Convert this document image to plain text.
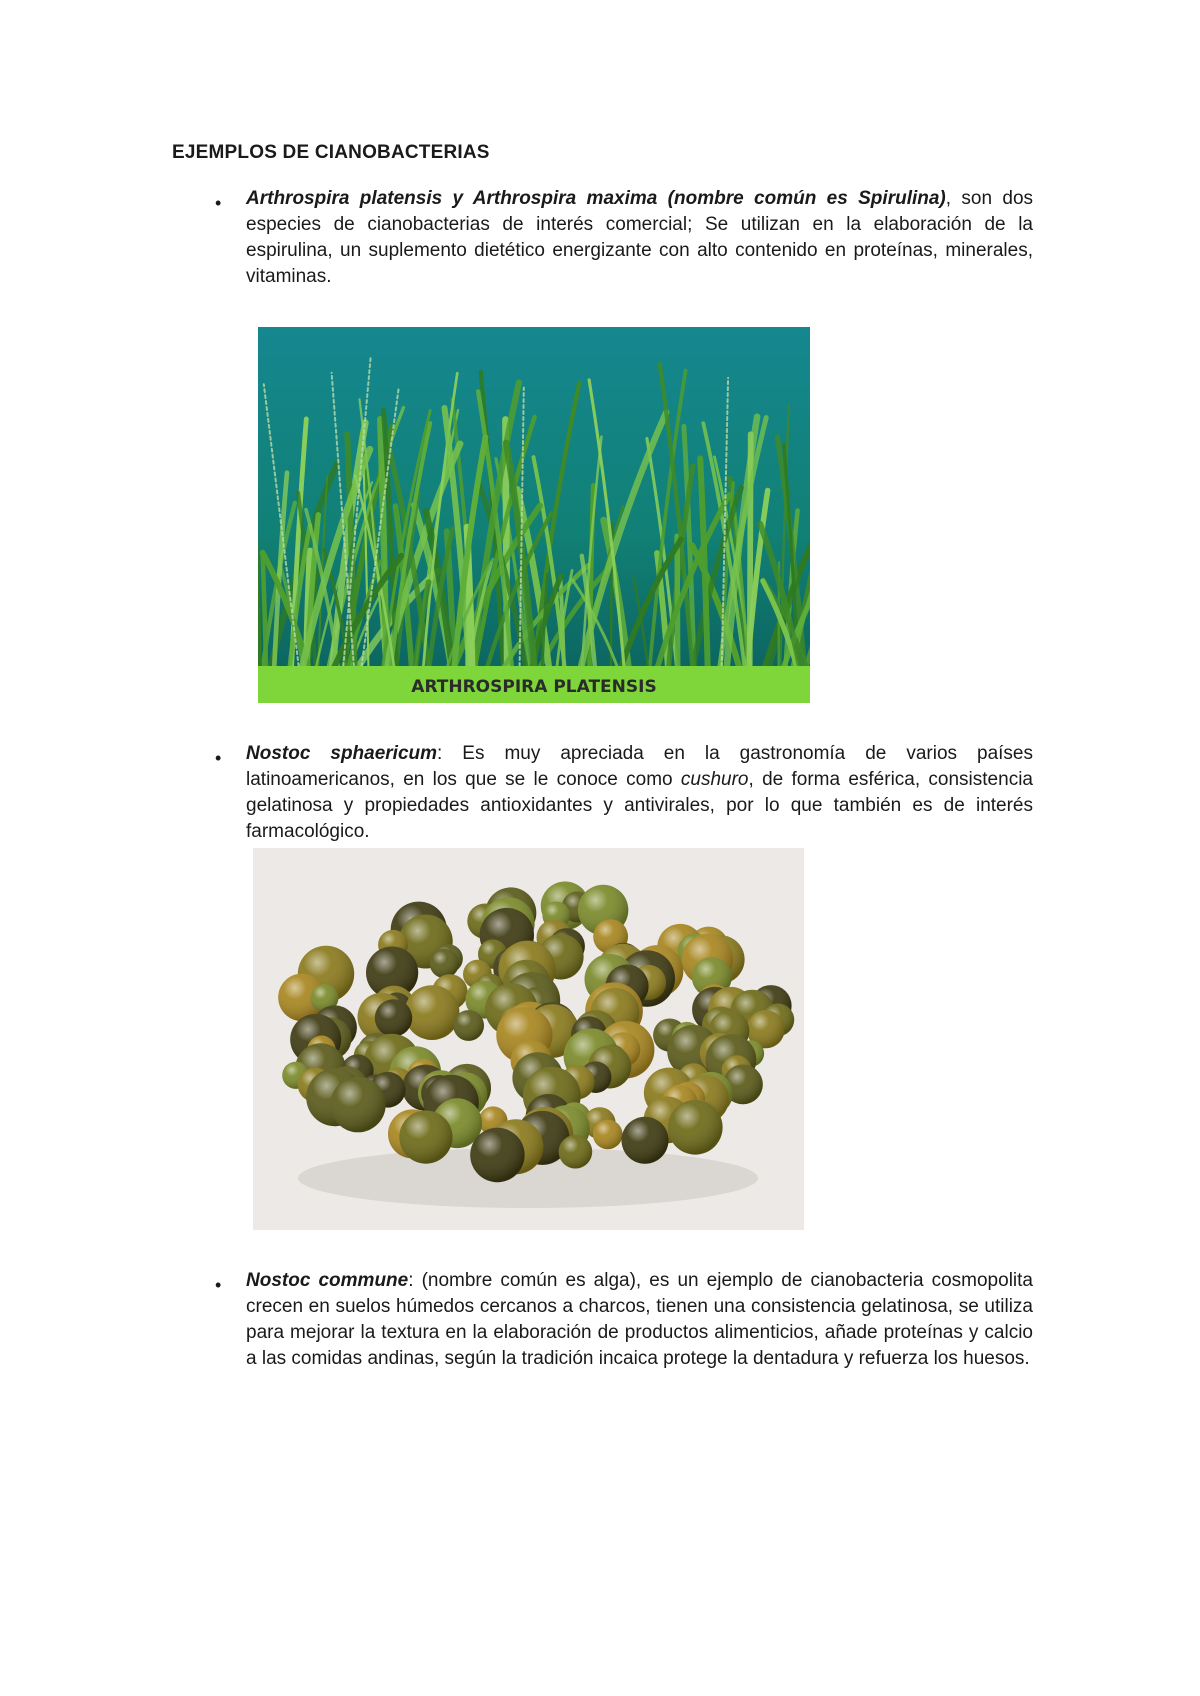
EJEMPLOS DE CIANOBACTERIAS
• Arthrospira platensis y Arthrospira maxima (nombre común es Spirulina), son dos especies de cianobacterias de interés comercial; Se utilizan en la elaboración de la espirulina, un suplemento dietético energizante con alto contenido en proteínas, minerales, vitaminas.
ARTHROSPIRA PLATENSIS
• Nostoc sphaericum: Es muy apreciada en la gastronomía de varios países latinoamericanos, en los que se le conoce como cushuro, de forma esférica, consistencia gelatinosa y propiedades antioxidantes y antivirales, por lo que también es de interés farmacológico.
• Nostoc commune: (nombre común es alga), es un ejemplo de cianobacteria cosmopolita crecen en suelos húmedos cercanos a charcos, tienen una consistencia gelatinosa, se utiliza para mejorar la textura en la elaboración de productos alimenticios, añade proteínas y calcio a las comidas andinas, según la tradición incaica protege la dentadura y refuerza los huesos.
